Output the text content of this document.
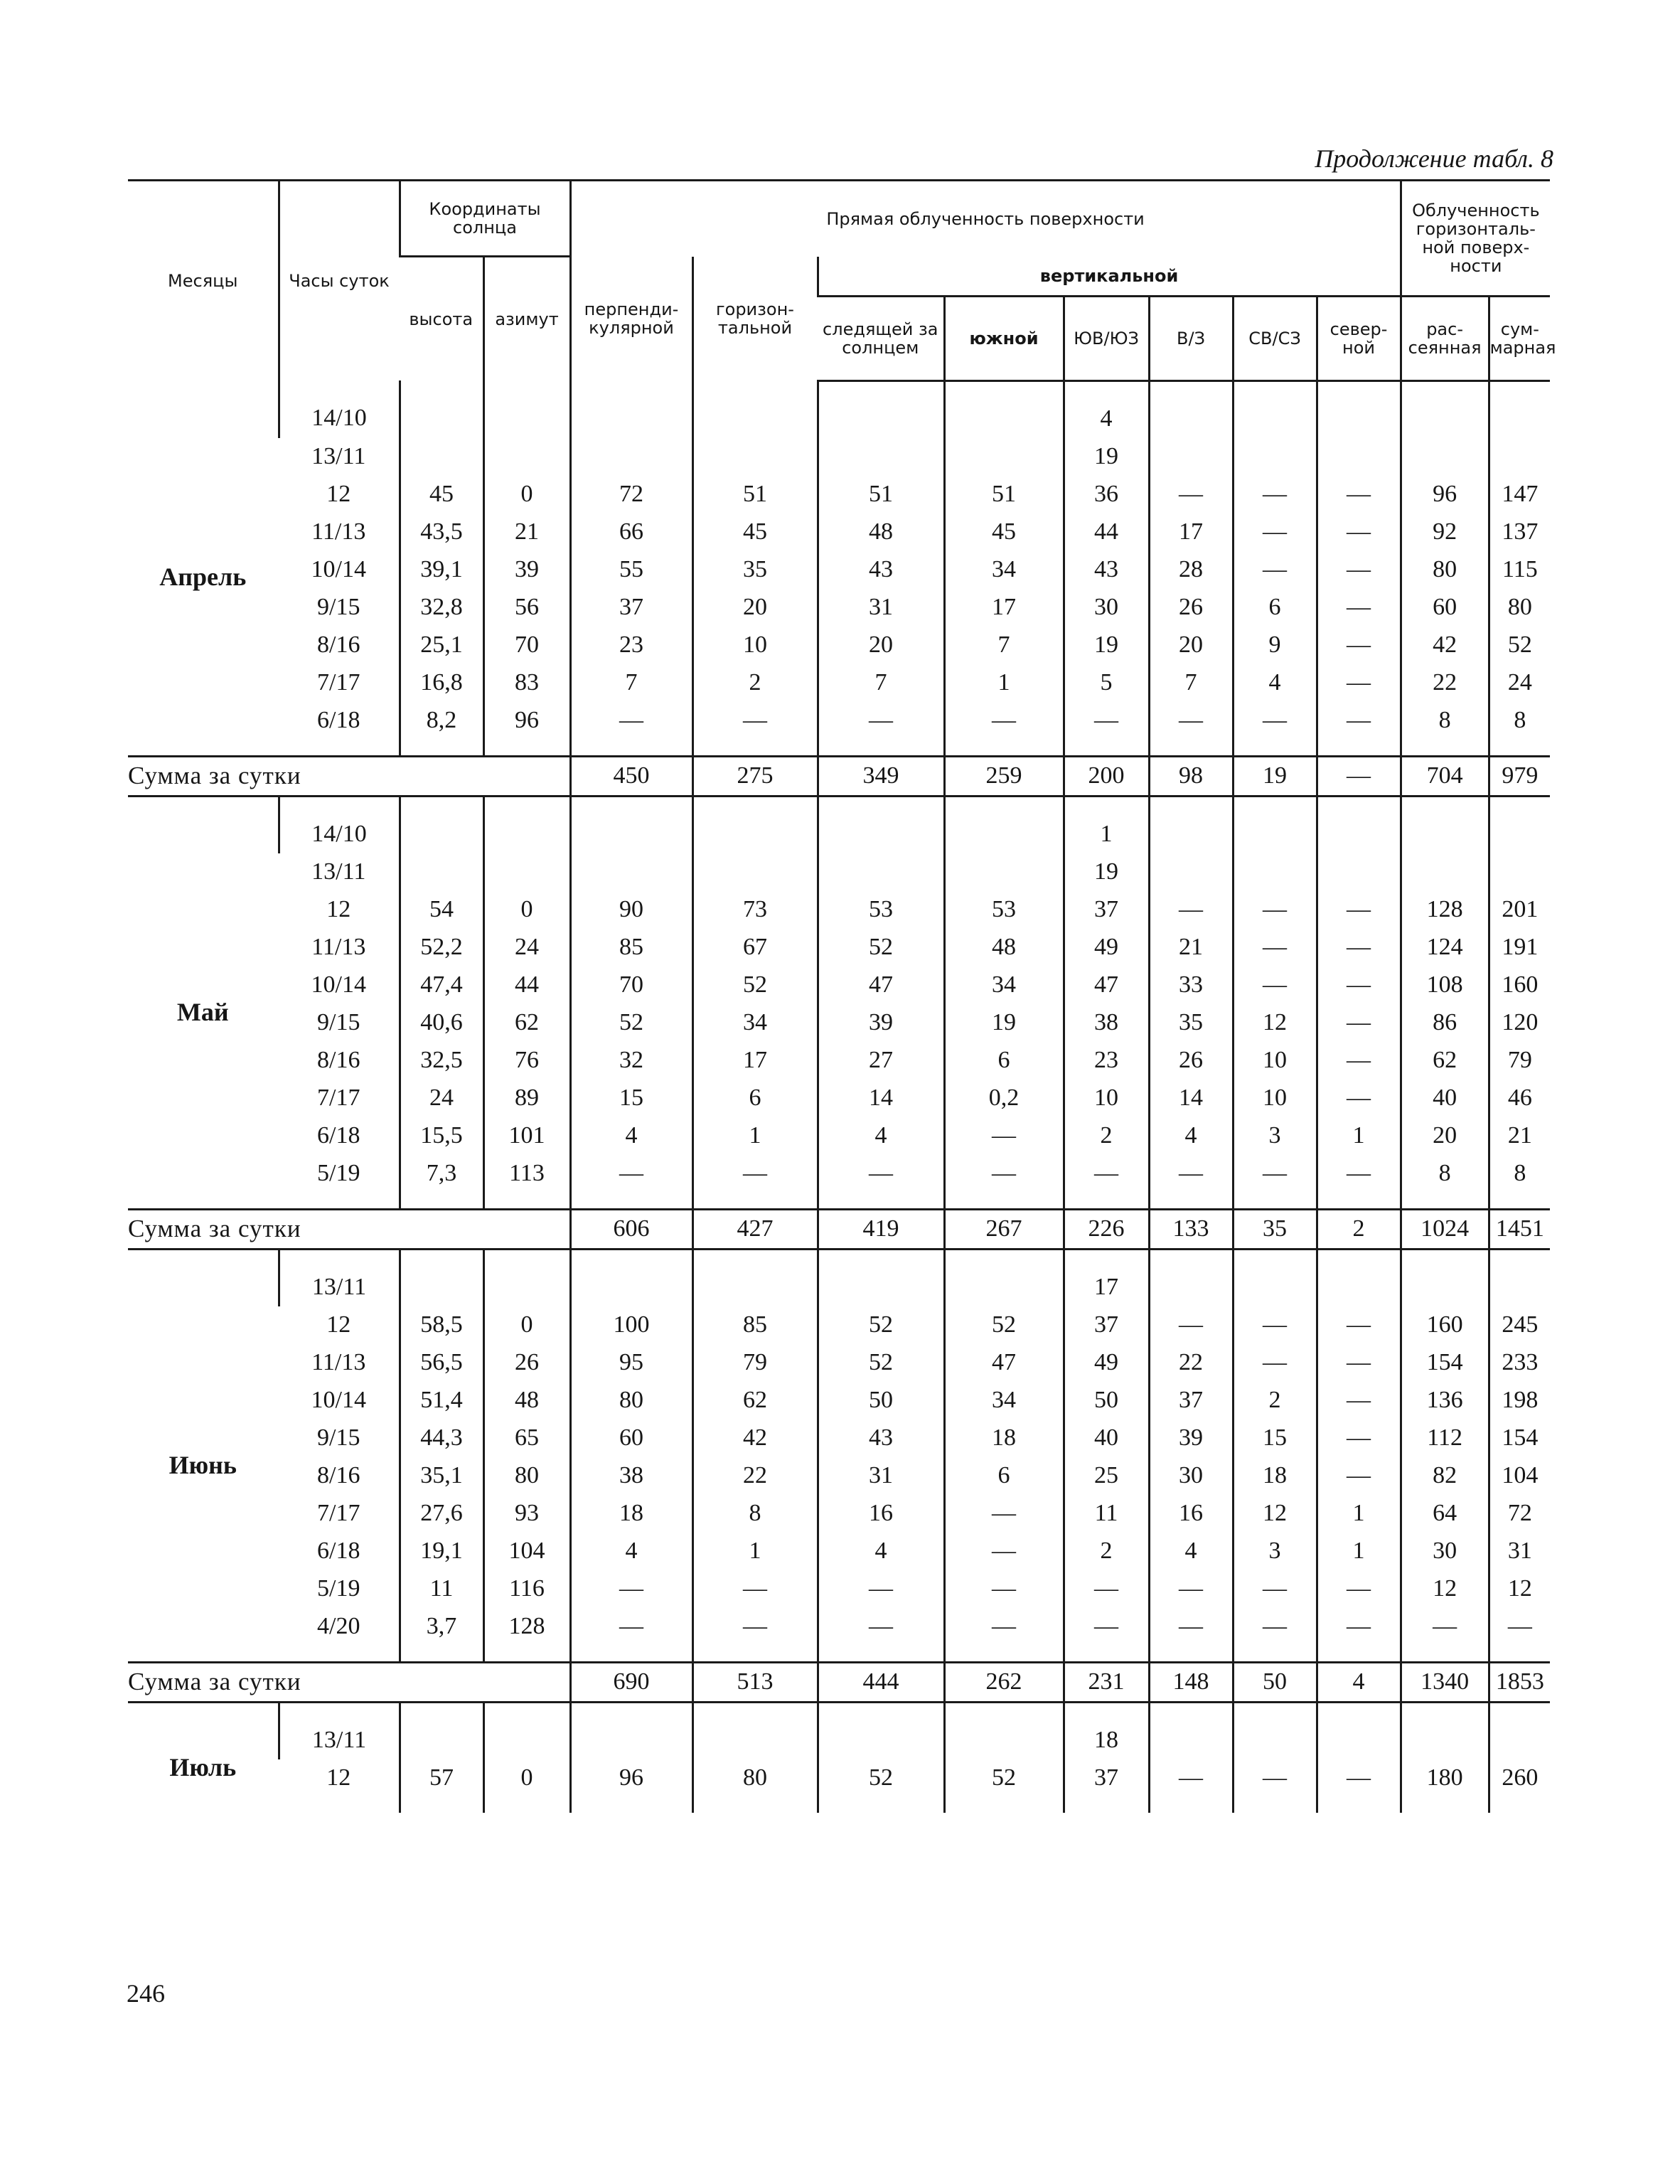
Продолжение табл. 8
Месяцы	Часы суток	Координаты солнца		Прямая облученность поверхности								Облученность горизонталь-ной поверх-ности	
		высота	азимут	перпенди-кулярной	горизон-тальной	вертикальной							
						следящей за солнцем	южной	ЮВ/ЮЗ	В/З	СВ/СЗ	север-ной	рас-сеянная	сум-марная
Апрель	14/10							4					
	13/11							19					
	12	45	0	72	51	51	51	36	—	—	—	96	147
	11/13	43,5	21	66	45	48	45	44	17	—	—	92	137
	10/14	39,1	39	55	35	43	34	43	28	—	—	80	115
	9/15	32,8	56	37	20	31	17	30	26	6	—	60	80
	8/16	25,1	70	23	10	20	7	19	20	9	—	42	52
	7/17	16,8	83	7	2	7	1	5	7	4	—	22	24
	6/18	8,2	96	—	—	—	—	—	—	—	—	8	8
Сумма за сутки				450	275	349	259	200	98	19	—	704	979
Май	14/10							1					
	13/11							19					
	12	54	0	90	73	53	53	37	—	—	—	128	201
	11/13	52,2	24	85	67	52	48	49	21	—	—	124	191
	10/14	47,4	44	70	52	47	34	47	33	—	—	108	160
	9/15	40,6	62	52	34	39	19	38	35	12	—	86	120
	8/16	32,5	76	32	17	27	6	23	26	10	—	62	79
	7/17	24	89	15	6	14	0,2	10	14	10	—	40	46
	6/18	15,5	101	4	1	4	—	2	4	3	1	20	21
	5/19	7,3	113	—	—	—	—	—	—	—	—	8	8
Сумма за сутки				606	427	419	267	226	133	35	2	1024	1451
Июнь	13/11							17					
	12	58,5	0	100	85	52	52	37	—	—	—	160	245
	11/13	56,5	26	95	79	52	47	49	22	—	—	154	233
	10/14	51,4	48	80	62	50	34	50	37	2	—	136	198
	9/15	44,3	65	60	42	43	18	40	39	15	—	112	154
	8/16	35,1	80	38	22	31	6	25	30	18	—	82	104
	7/17	27,6	93	18	8	16	—	11	16	12	1	64	72
	6/18	19,1	104	4	1	4	—	2	4	3	1	30	31
	5/19	11	116	—	—	—	—	—	—	—	—	12	12
	4/20	3,7	128	—	—	—	—	—	—	—	—	—	—
Сумма за сутки				690	513	444	262	231	148	50	4	1340	1853
Июль	13/11							18					
	12	57	0	96	80	52	52	37	—	—	—	180	260
246
